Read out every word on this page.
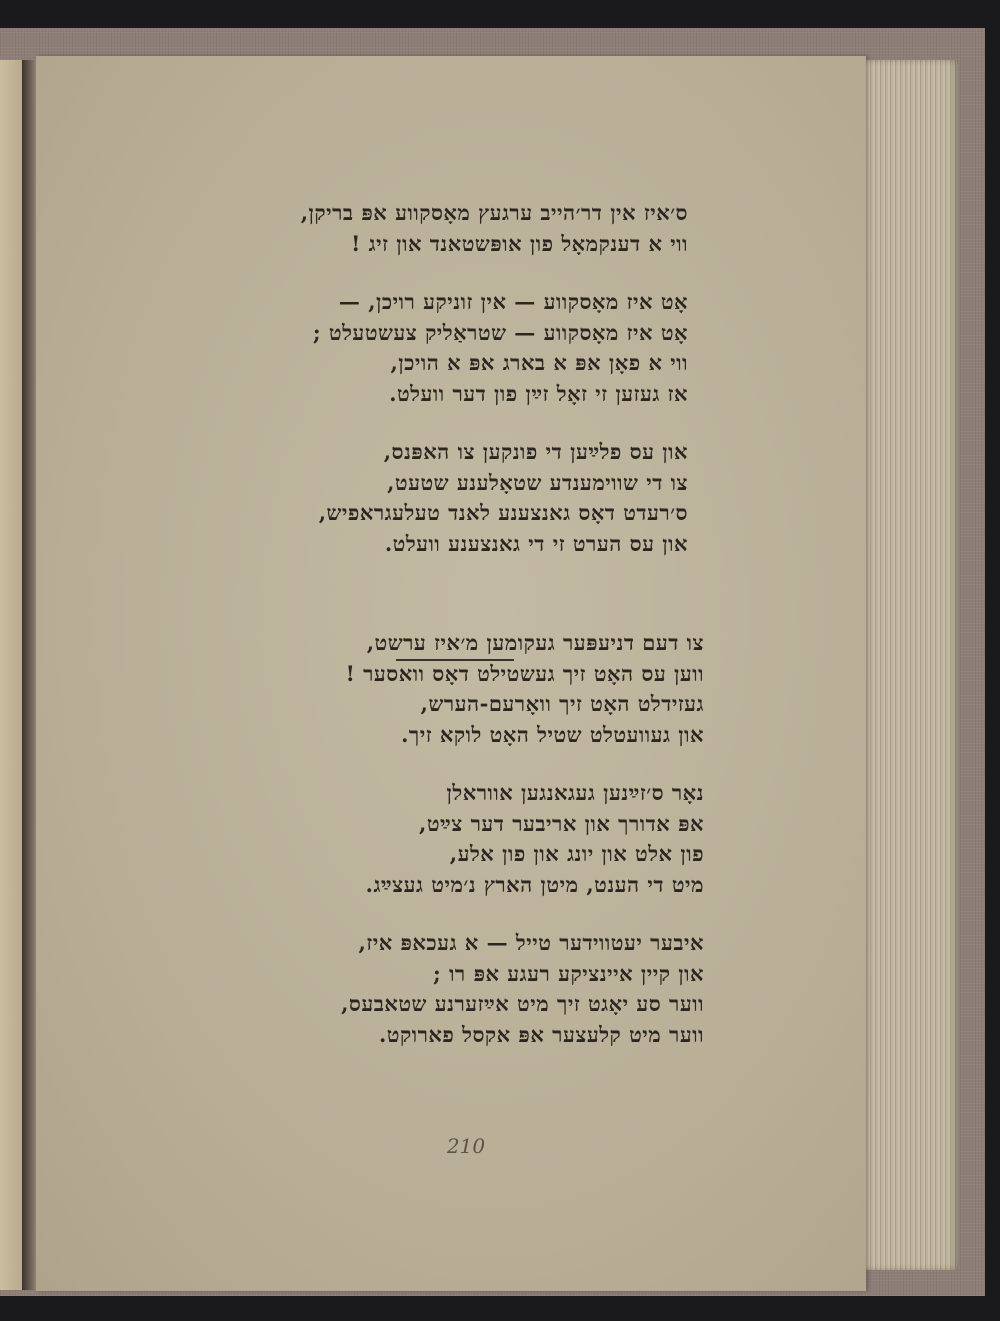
ס׳איז אין דר׳הייב ערגעץ מאָסקווע אפּ בריקן,
ווי א דענקמאָל פון אופּשטאנד און זיג !
אָט איז מאָסקווע — אין זוניקע רויכן, —
אָט איז מאָסקווע — שטראַליק צעשטעלט ;
ווי א פאָן אפּ א בארג אפּ א הויכן,
אז געזען זי זאָל זײַן פון דער וועלט.
און עס פלײַען די פונקען צו האפּנס,
צו די שווימענדע שטאָלענע שטעט,
ס׳רעדט דאָס גאנצענע לאנד טעלעגראפיש,
און עס הערט זי די גאנצענע וועלט.
צו דעם דניעפּער געקומען מ׳איז ערשט,
ווען עס האָט זיך געשטילט דאָס וואסער !
געזידלט האָט זיך וואָרעם-הערש,
און געוועטלט שטיל האָט לוקא זיך.
נאָר ס׳זײַנען געגאנגען אווראלן
אפּ אדורך און אריבער דער צײַט,
פון אלט און יונג און פון אלע,
מיט די הענט, מיטן הארץ נ׳מיט געצײַג.
איבער יעטווידער טייל — א געכאפּ איז,
און קיין איינציקע רעגע אפּ רו ;
ווער סע יאָגט זיך מיט אײַזערנע שטאבעס,
ווער מיט קלעצער אפּ אקסל פארוקט.
210
